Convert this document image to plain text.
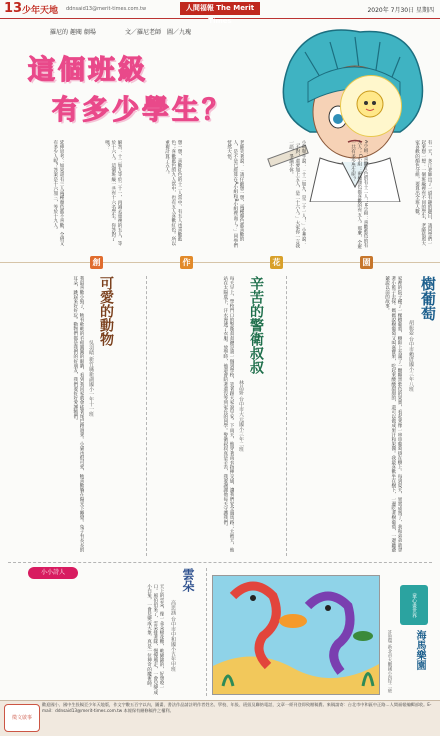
13 少年天地 ddnsaid13@merit-times.com.tw	人間福報 The Merit Times
2020年 7月30日 星期四
羅尼的 趣閱 劇場	文／羅尼老師　圖／九瑰
這個班級
有多少學生？
有一天，多汀老師出了一道有趣的題目，請同學們一起來想一想：一個班級裡有不同的學生，老師依照大家喜歡的顏色分組，要算出全班人數。
A小組：喜歡紅色的有十二人；B小組：喜歡藍色的有九人；C小組：兩種顏色都喜歡的有五人。那麼，全班一共有多少學生呢？
小明舉手說：「十二加九，是二十一人！」小華說：「不對，還要加上五人，是二十六人。」大家你一言我一語，爭論不休。
老師笑著說：「請仔細想一想，兩種顏色都喜歡的人，是不是已經算在A小組和B小組裡面了？」同學們恍然大悟。
想一想，喜歡紅色的十二人當中，有五人也喜歡藍色；喜歡藍色的九人當中，也有五人喜歡紅色。所以重複計算了五人。
解答：十二加九等於二十一，再減去重複的五人，等於十六人。這個班級一共有十六名學生。你答對了嗎？
延伸思考：如果還有三人兩種顏色都不喜歡，全班又有多少人呢？答案是十六加三，等於十九人。
創	作	花	園
樹葡萄
胡振晏 台中市賴厝國小三年八班
家裡的院子種了一棵樹葡萄，樹幹上長滿了一顆顆黑紫色的果實，看起來像一串串葡萄掛在樹上。每到夏天，果實成熟了，我和弟弟就拿著小籃子去採。媽媽說樹葡萄又叫嘉寶果，吃起來酸酸甜甜的，還可以做成果汁和果醬。我最喜歡坐在樹下，一邊吃著樹葡萄，一邊聽爺爺說以前的故事。
辛苦的警衛叔叔
林品妍 台中市大元國小三年二班
每天早上，學校門口的警衛叔叔總是第一個到學校，笑著跟大家說早安。下雨天，他穿著雨衣指揮交通，讓我們安全過馬路；大熱天，他站在太陽底下，汗水溼透了衣服。放學時，他還會陪著還沒等到家長的同學。警衛叔叔真是辛苦，我要謝謝他每天守護我們。
可愛的動物
吳羽晴 新竹縣新湖國小一年十一班
我最喜歡小狗了，牠有軟軟的毛和圓圓的眼睛，看到我回家就會搖著尾巴跑過來。小貓也很可愛，牠喜歡躺在陽光下睡覺。兔子有長長的耳朵，跳起來好好玩。動物們都是我們的好朋友，我們要好好愛護牠們。
小小詩人	雲朵
高思涵 台中市中和國小五年甲班
天上的雲朵，像一朵朵棉花糖，軟綿綿的，好想咬一口。風伯伯來了，雲朵排著隊，慢慢地走，一會兒變成小白兔，一會兒變成大象，真是一位神奇的魔術師。	童心畫世界
海馬樂園
許恩瑞 新北市大觀國小四年二班
徵文啟事
歡迎國小、國中生投稿至少年天地版，作文字數五百字以內，圖畫、書法作品請註明作者姓名、學校、年級、班級及聯絡電話，文章一經刊登即致贈稿費。來稿請寄：台北市中和區中正路…人間福報編輯部收。E-mail：ddnsaid13@merit-times.com.tw 本報保有刪修稿件之權利。
